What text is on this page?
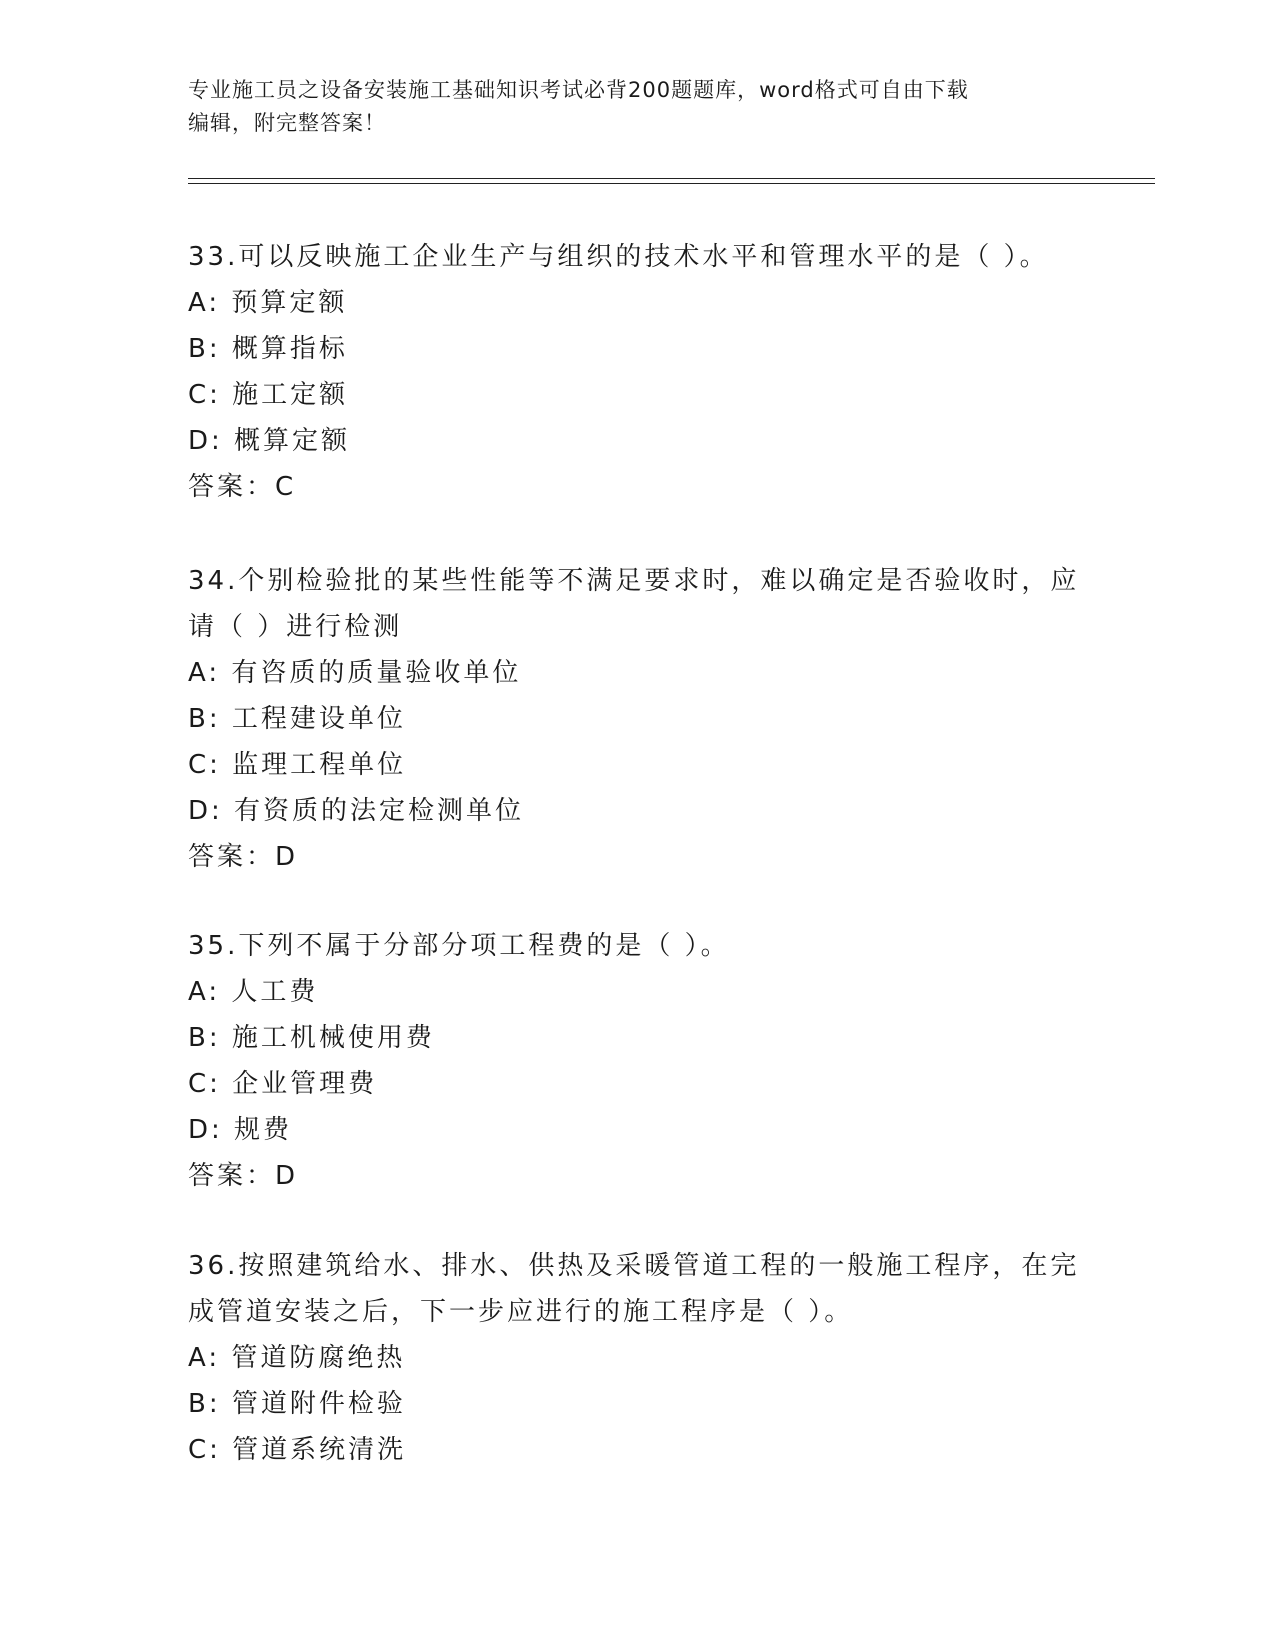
专业施工员之设备安装施工基础知识考试必背200题题库，word格式可自由下载
编辑，附完整答案！
33.可以反映施工企业生产与组织的技术水平和管理水平的是（ ）。
A: 预算定额
B: 概算指标
C: 施工定额
D: 概算定额
答案：C
34.个别检验批的某些性能等不满足要求时，难以确定是否验收时，应
请（ ）进行检测
A: 有咨质的质量验收单位
B: 工程建设单位
C: 监理工程单位
D: 有资质的法定检测单位
答案：D
35.下列不属于分部分项工程费的是（ ）。
A: 人工费
B: 施工机械使用费
C: 企业管理费
D: 规费
答案：D
36.按照建筑给水、排水、供热及采暖管道工程的一般施工程序，在完
成管道安装之后，下一步应进行的施工程序是（ ）。
A: 管道防腐绝热
B: 管道附件检验
C: 管道系统清洗
